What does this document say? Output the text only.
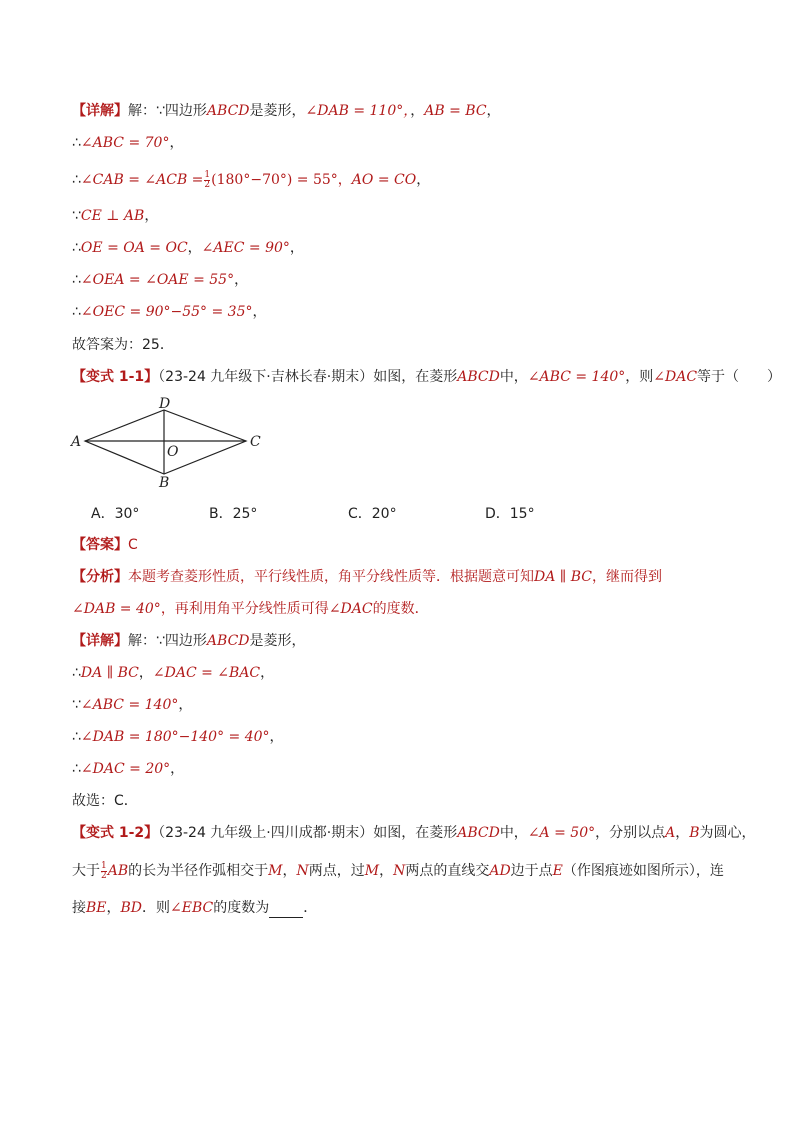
【详解】解：∵四边形ABCD是菱形，∠DAB = 110°，，AB = BC，
∴∠ABC = 70°，
∴∠CAB = ∠ACB = $\frac{1}{2} (180^\circ-70^\circ) = 55^\circ$，AO = CO，
∵CE ⊥ AB，
∴OE = OA = OC，∠AEC = 90°，
∴∠OEA = ∠OAE = 55°，
∴∠OEC = 90°−55° = 35°，
故答案为：25．
【变式 1-1】（23-24 九年级下·吉林长春·期末）如图，在菱形ABCD中，∠ABC = 140°，则∠DAC等于（　　）
A
D
C
B
O
A．30°	B．25°	C．20°	D．15°
【答案】C
【分析】本题考查菱形性质，平行线性质，角平分线性质等．根据题意可知DA ∥ BC，继而得到
∠DAB = 40°，再利用角平分线性质可得∠DAC的度数．
【详解】解：∵四边形ABCD是菱形，
∴DA ∥ BC，∠DAC = ∠BAC，
∵∠ABC = 140°，
∴∠DAB = 180°−140° = 40°，
∴∠DAC = 20°，
故选：C．
【变式 1-2】（23-24 九年级上·四川成都·期末）如图，在菱形ABCD中，∠A = 50°，分别以点A，B为圆心，
大于 $\frac{1}{2}$ AB的长为半径作弧相交于M，N两点，过M，N两点的直线交AD边于点E（作图痕迹如图所示），连
接BE，BD．则∠EBC的度数为 ．
